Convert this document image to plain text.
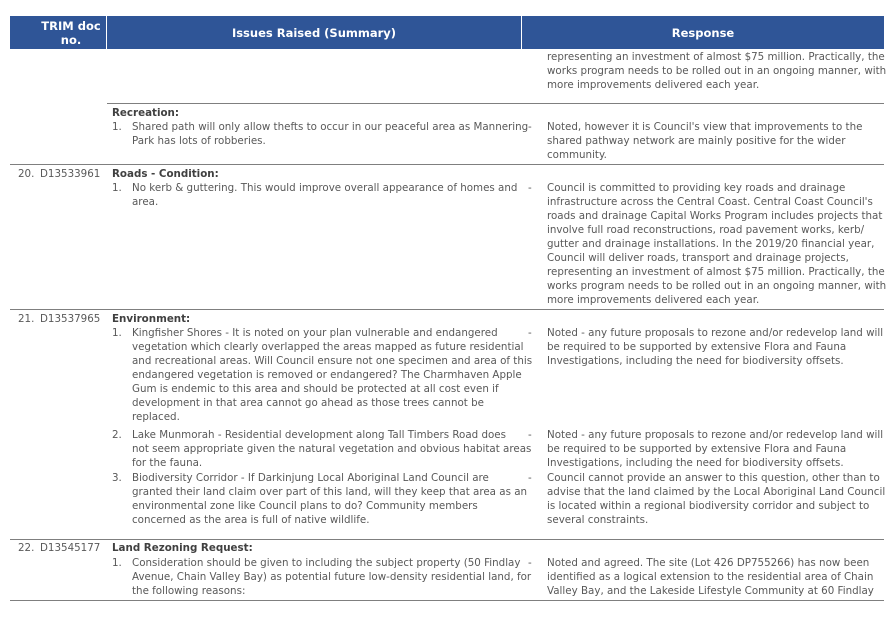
TRIM doc no.	Issues Raised (Summary)	Response
representing an investment of almost $75 million. Practically, the
works program needs to be rolled out in an ongoing manner, with
more improvements delivered each year.
Recreation:
1. Shared path will only allow thefts to occur in our peaceful area as Mannering
Park has lots of robberies.
- Noted, however it is Council's view that improvements to the
shared pathway network are mainly positive for the wider
community.
20. D13533961 Roads - Condition:
1. No kerb & guttering. This would improve overall appearance of homes and
area.
- Council is committed to providing key roads and drainage
infrastructure across the Central Coast. Central Coast Council's
roads and drainage Capital Works Program includes projects that
involve full road reconstructions, road pavement works, kerb/
gutter and drainage installations. In the 2019/20 financial year,
Council will deliver roads, transport and drainage projects,
representing an investment of almost $75 million. Practically, the
works program needs to be rolled out in an ongoing manner, with
more improvements delivered each year.
21. D13537965 Environment:
1. Kingfisher Shores - It is noted on your plan vulnerable and endangered
vegetation which clearly overlapped the areas mapped as future residential
and recreational areas. Will Council ensure not one specimen and area of this
endangered vegetation is removed or endangered? The Charmhaven Apple
Gum is endemic to this area and should be protected at all cost even if
development in that area cannot go ahead as those trees cannot be
replaced.
- Noted - any future proposals to rezone and/or redevelop land will
be required to be supported by extensive Flora and Fauna
Investigations, including the need for biodiversity offsets.
2. Lake Munmorah - Residential development along Tall Timbers Road does
not seem appropriate given the natural vegetation and obvious habitat areas
for the fauna.
- Noted - any future proposals to rezone and/or redevelop land will
be required to be supported by extensive Flora and Fauna
Investigations, including the need for biodiversity offsets.
3. Biodiversity Corridor - If Darkinjung Local Aboriginal Land Council are
granted their land claim over part of this land, will they keep that area as an
environmental zone like Council plans to do? Community members
concerned as the area is full of native wildlife.
- Council cannot provide an answer to this question, other than to
advise that the land claimed by the Local Aboriginal Land Council
is located within a regional biodiversity corridor and subject to
several constraints.
22. D13545177 Land Rezoning Request:
1. Consideration should be given to including the subject property (50 Findlay
Avenue, Chain Valley Bay) as potential future low-density residential land, for
the following reasons:
- Noted and agreed. The site (Lot 426 DP755266) has now been
identified as a logical extension to the residential area of Chain
Valley Bay, and the Lakeside Lifestyle Community at 60 Findlay
